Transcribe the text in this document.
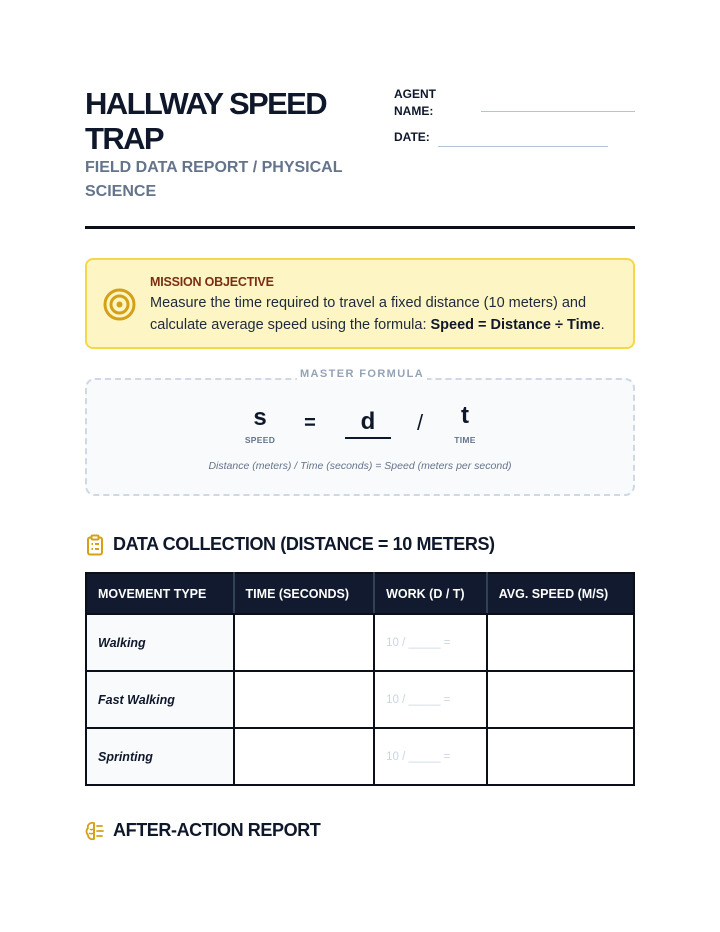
HALLWAY SPEED TRAP
FIELD DATA REPORT / PHYSICAL SCIENCE
AGENT
NAME:
DATE:
MISSION OBJECTIVE
Measure the time required to travel a fixed distance (10 meters) and calculate average speed using the formula: Speed = Distance ÷ Time.
MASTER FORMULA
s
SPEED
=	d	/	t
TIME
Distance (meters) / Time (seconds) = Speed (meters per second)
DATA COLLECTION (DISTANCE = 10 METERS)
MOVEMENT TYPE	TIME (SECONDS)	WORK (D / T)	AVG. SPEED (M/S)
Walking		10 / _____ =	
Fast Walking		10 / _____ =	
Sprinting		10 / _____ =	
AFTER-ACTION REPORT
